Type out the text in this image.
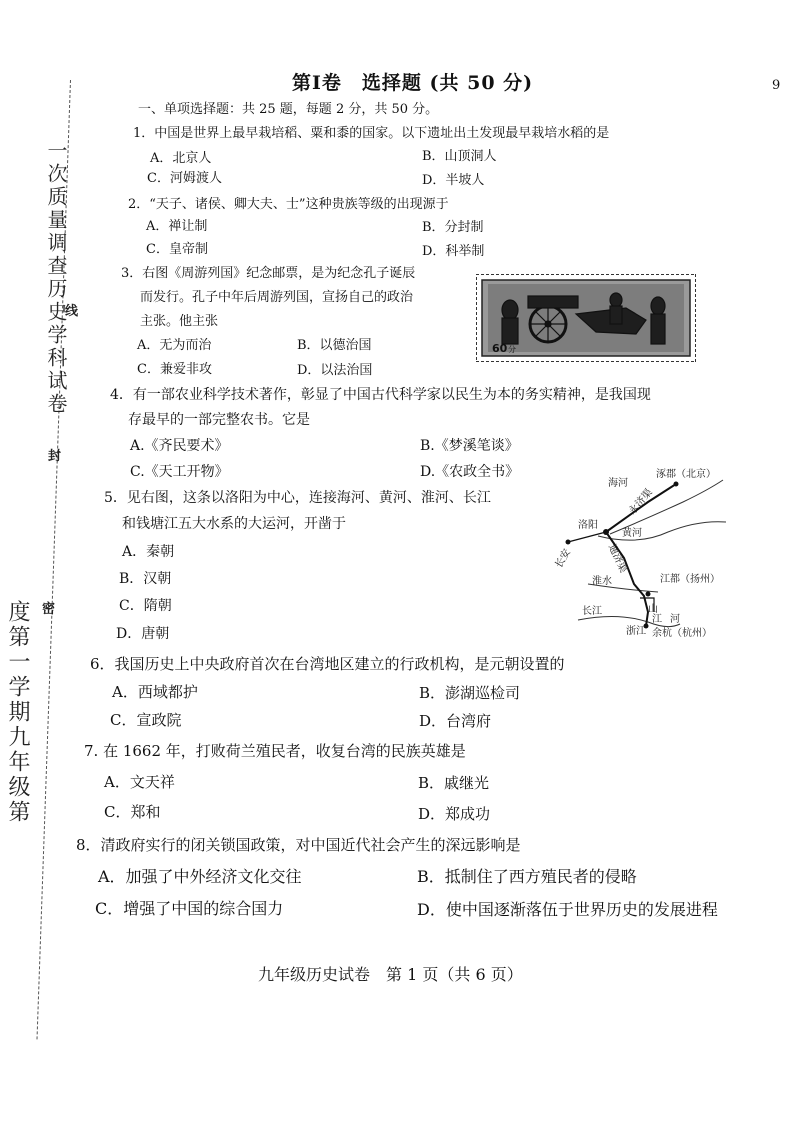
一次质量调查历史学科试卷
度第一学期九年级第
线
封
密
9
第Ⅰ卷　选择题 (共 50 分)
一、单项选择题：共 25 题，每题 2 分，共 50 分。
1．中国是世界上最早栽培稻、粟和黍的国家。以下遗址出土发现最早栽培水稻的是
A．北京人	B．山顶洞人
C．河姆渡人	D．半坡人
2．“天子、诸侯、卿大夫、士”这种贵族等级的出现源于
A．禅让制	B．分封制
C．皇帝制	D．科举制
3．右图《周游列国》纪念邮票，是为纪念孔子诞辰
而发行。孔子中年后周游列国，宣扬自己的政治
主张。他主张
A．无为而治	B．以德治国
C．兼爱非攻	D．以法治国
60 分
4．有一部农业科学技术著作，彰显了中国古代科学家以民生为本的务实精神，是我国现
存最早的一部完整农书。它是
A.《齐民要术》	B.《梦溪笔谈》
C.《天工开物》	D.《农政全书》
5．见右图，这条以洛阳为中心，连接海河、黄河、淮河、长江
和钱塘江五大水系的大运河，开凿于
A．秦朝
B．汉朝
C．隋朝
D．唐朝
海河
涿郡（北京）
洛阳
黄河
长安
淮水	江都（扬州）
长江
浙江 余杭（杭州）
江 河
永济渠
通济渠
山
6．我国历史上中央政府首次在台湾地区建立的行政机构，是元朝设置的
A．西域都护	B．澎湖巡检司
C．宣政院	D．台湾府
7. 在 1662 年，打败荷兰殖民者，收复台湾的民族英雄是
A．文天祥	B．戚继光
C．郑和	D．郑成功
8．清政府实行的闭关锁国政策，对中国近代社会产生的深远影响是
A．加强了中外经济文化交往	B．抵制住了西方殖民者的侵略
C．增强了中国的综合国力	D．使中国逐渐落伍于世界历史的发展进程
九年级历史试卷　第 1 页（共 6 页）
